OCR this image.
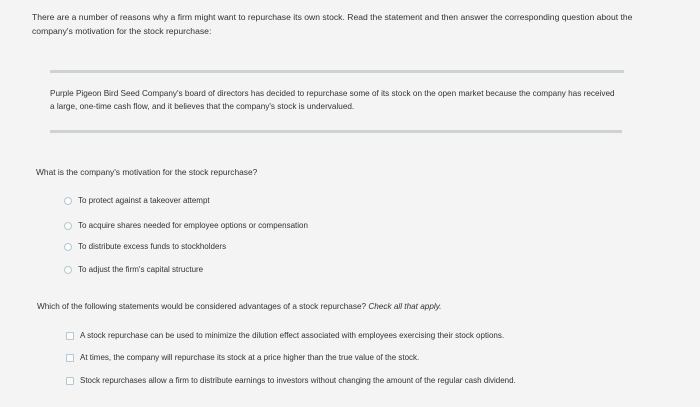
There are a number of reasons why a firm might want to repurchase its own stock. Read the statement and then answer the corresponding question about the company's motivation for the stock repurchase:
Purple Pigeon Bird Seed Company's board of directors has decided to repurchase some of its stock on the open market because the company has received a large, one-time cash flow, and it believes that the company's stock is undervalued.
What is the company's motivation for the stock repurchase?
To protect against a takeover attempt
To acquire shares needed for employee options or compensation
To distribute excess funds to stockholders
To adjust the firm's capital structure
Which of the following statements would be considered advantages of a stock repurchase? Check all that apply.
A stock repurchase can be used to minimize the dilution effect associated with employees exercising their stock options.
At times, the company will repurchase its stock at a price higher than the true value of the stock.
Stock repurchases allow a firm to distribute earnings to investors without changing the amount of the regular cash dividend.
